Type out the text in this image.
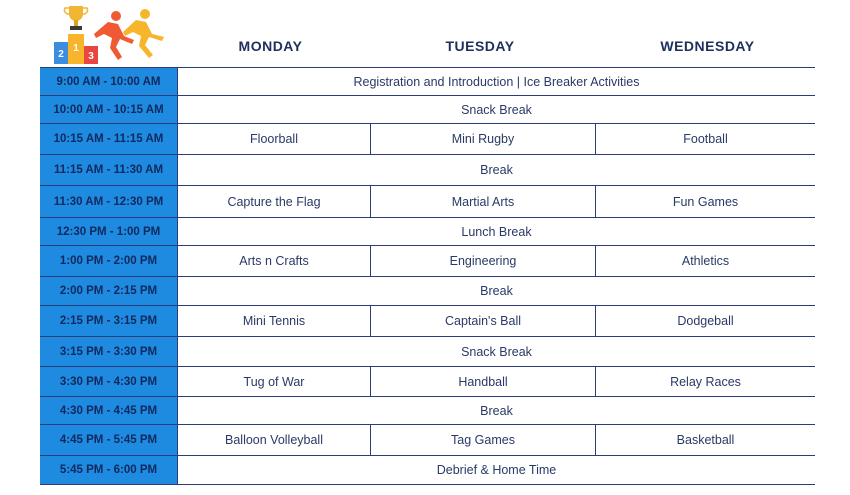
2
1
3
MONDAY	TUESDAY	WEDNESDAY
9:00 AM - 10:00 AM	Registration and Introduction | Ice Breaker Activities
10:00 AM - 10:15 AM	Snack Break
10:15 AM - 11:15 AM	Floorball	Mini Rugby	Football
11:15 AM - 11:30 AM	Break
11:30 AM - 12:30 PM	Capture the Flag	Martial Arts	Fun Games
12:30 PM - 1:00 PM	Lunch Break
1:00 PM - 2:00 PM	Arts n Crafts	Engineering	Athletics
2:00 PM - 2:15 PM	Break
2:15 PM - 3:15 PM	Mini Tennis	Captain's Ball	Dodgeball
3:15 PM - 3:30 PM	Snack Break
3:30 PM - 4:30 PM	Tug of War	Handball	Relay Races
4:30 PM - 4:45 PM	Break
4:45 PM - 5:45 PM	Balloon Volleyball	Tag Games	Basketball
5:45 PM - 6:00 PM	Debrief & Home Time
